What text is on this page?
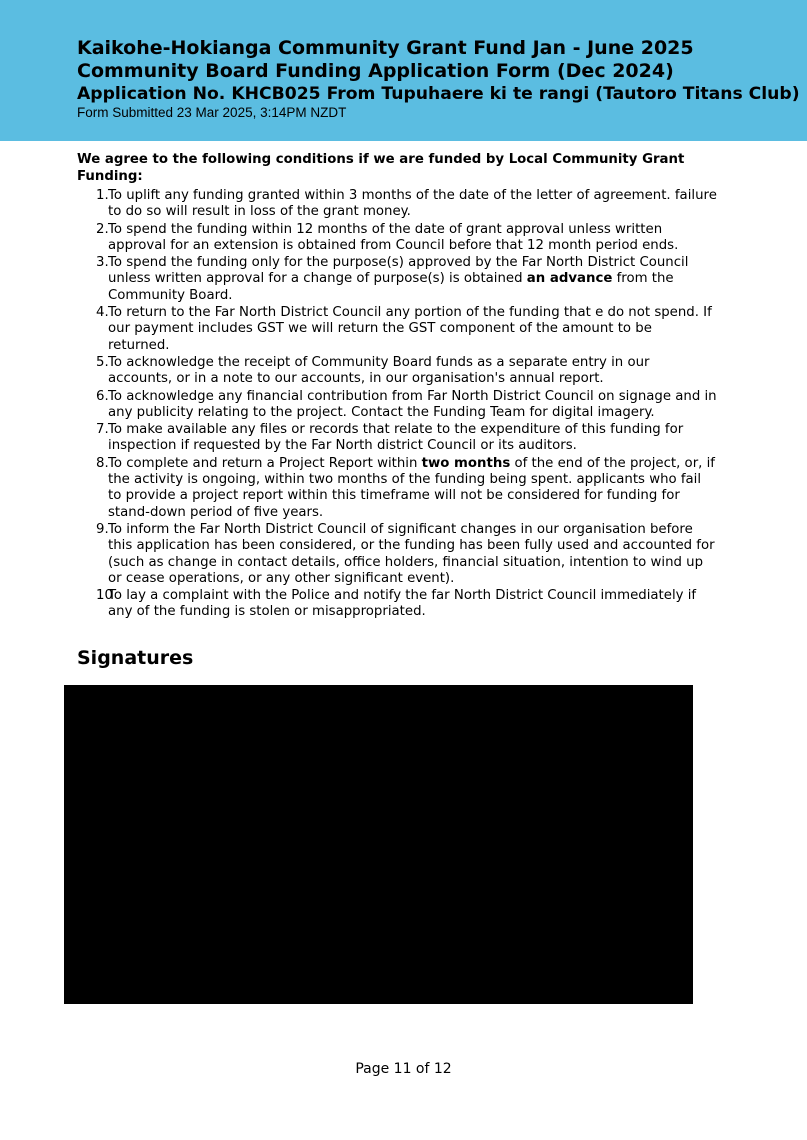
Kaikohe-Hokianga Community Grant Fund Jan - June 2025

Community Board Funding Application Form (Dec 2024)

Application No. KHCB025 From Tupuhaere ki te rangi (Tautoro Titans Club)

Form Submitted 23 Mar 2025, 3:14PM NZDT

We agree to the following conditions if we are funded by Local Community Grant Funding:

1. To uplift any funding granted within 3 months of the date of the letter of agreement. failure to do so will result in loss of the grant money.
2. To spend the funding within 12 months of the date of grant approval unless written approval for an extension is obtained from Council before that 12 month period ends.
3. To spend the funding only for the purpose(s) approved by the Far North District Council unless written approval for a change of purpose(s) is obtained an advance from the Community Board.
4. To return to the Far North District Council any portion of the funding that e do not spend. If our payment includes GST we will return the GST component of the amount to be returned.
5. To acknowledge the receipt of Community Board funds as a separate entry in our accounts, or in a note to our accounts, in our organisation's annual report.
6. To acknowledge any financial contribution from Far North District Council on signage and in any publicity relating to the project. Contact the Funding Team for digital imagery.
7. To make available any files or records that relate to the expenditure of this funding for inspection if requested by the Far North district Council or its auditors.
8. To complete and return a Project Report within two months of the end of the project, or, if the activity is ongoing, within two months of the funding being spent. applicants who fail to provide a project report within this timeframe will not be considered for funding for stand-down period of five years.
9. To inform the Far North District Council of significant changes in our organisation before this application has been considered, or the funding has been fully used and accounted for (such as change in contact details, office holders, financial situation, intention to wind up or cease operations, or any other significant event).
10
To lay a complaint with the Police and notify the far North District Council immediately if any of the funding is stolen or misappropriated.
Signatures
Page 11 of 12
